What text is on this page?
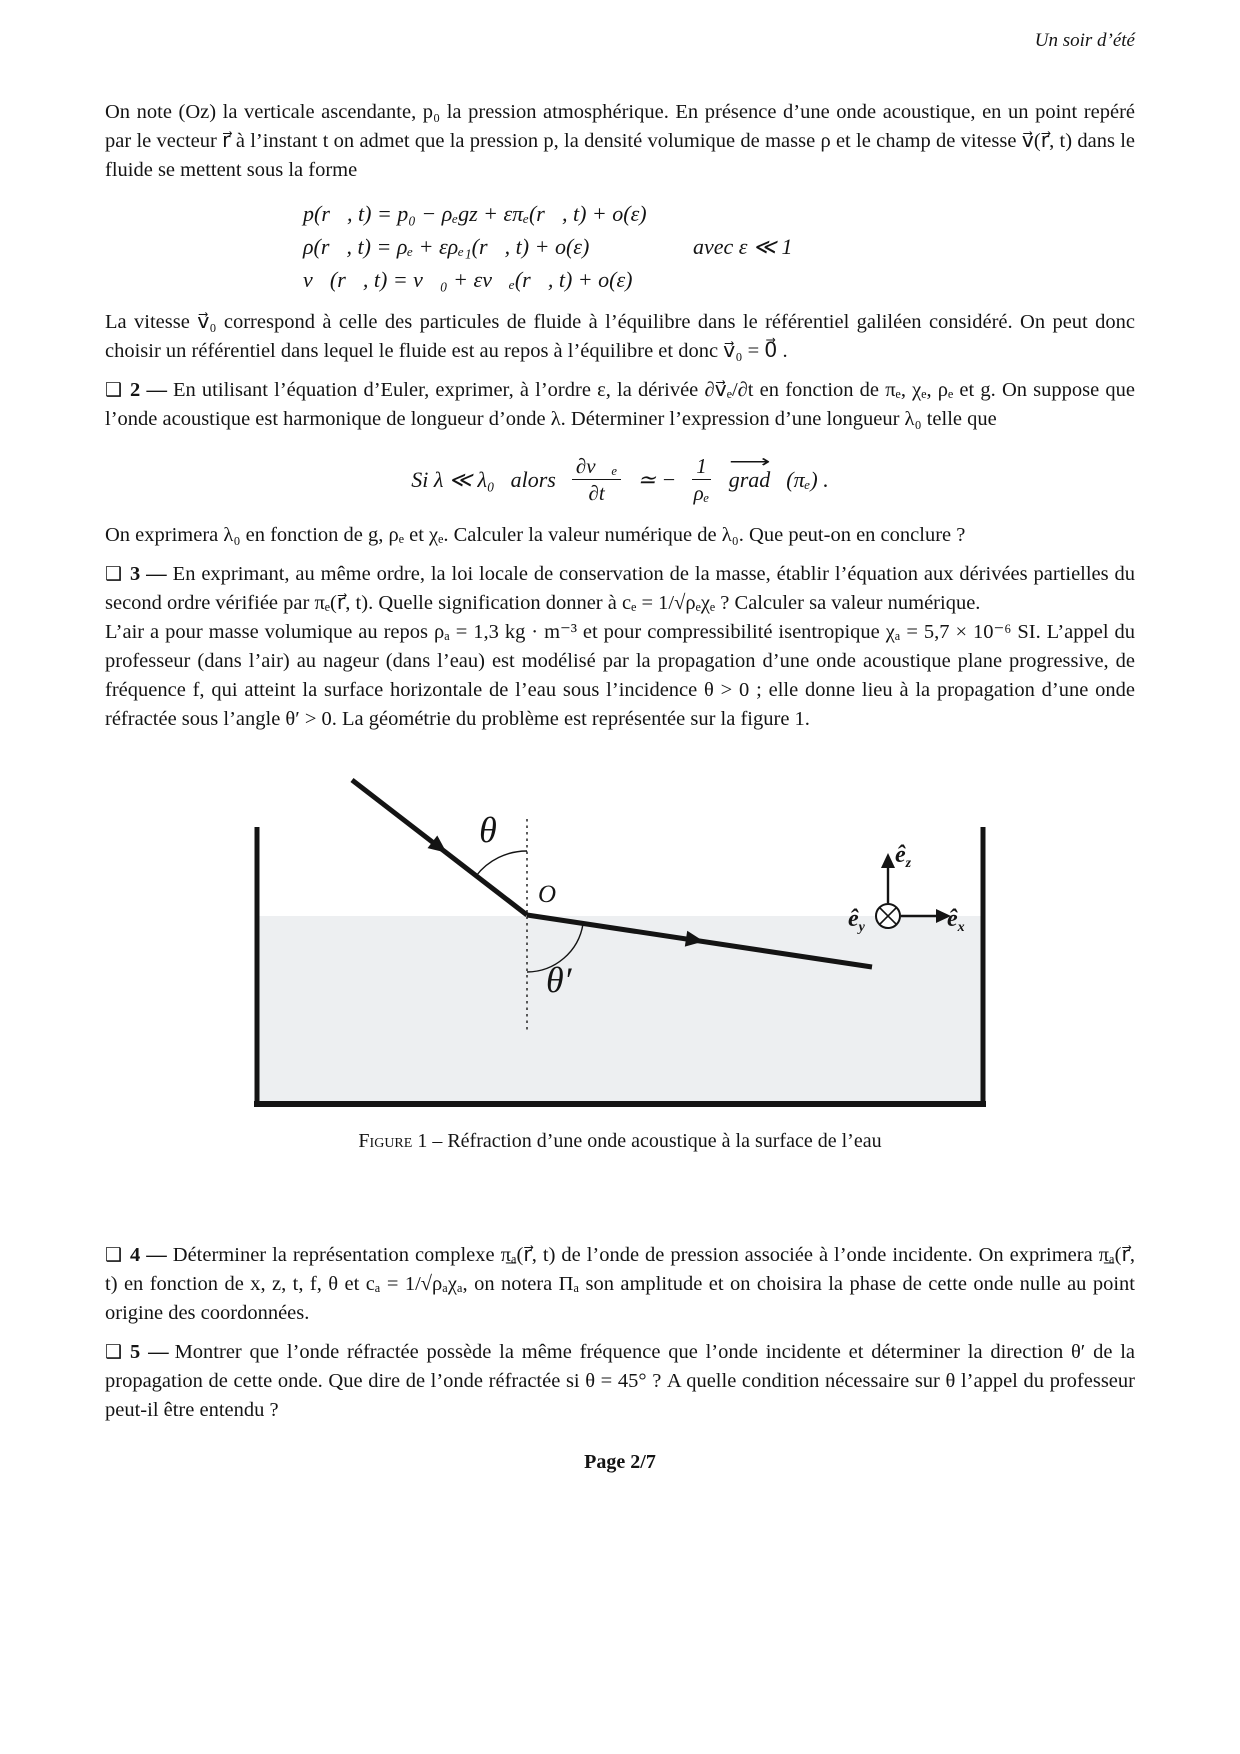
Un soir d’été

On note (Oz) la verticale ascendante, p₀ la pression atmosphérique. En présence d’une onde acoustique, en un point repéré par le vecteur r⃗ à l’instant t on admet que la pression p, la densité volumique de masse ρ et le champ de vitesse v⃗(r⃗, t) dans le fluide se mettent sous la forme

p(r⃗, t) = p₀ − ρₑgz + επₑ(r⃗, t) + o(ε)
ρ(r⃗, t) = ρₑ + ερₑ₁(r⃗, t) + o(ε)
v⃗(r⃗, t) = v⃗₀ + εv⃗ₑ(r⃗, t) + o(ε)
avec ε ≪ 1

La vitesse v⃗₀ correspond à celle des particules de fluide à l’équilibre dans le référentiel galiléen considéré. On peut donc choisir un référentiel dans lequel le fluide est au repos à l’équilibre et donc v⃗₀ = 0⃗ .

❑ 2 — En utilisant l’équation d’Euler, exprimer, à l’ordre ε, la dérivée ∂v⃗ₑ/∂t en fonction de πₑ, χₑ, ρₑ et g. On suppose que l’onde acoustique est harmonique de longueur d’onde λ. Déterminer l’expression d’une longueur λ₀ telle que

Si λ ≪ λ₀ alors $\frac{\text{∂v⃗ₑ}}{\partial t}$ ≃ − $\frac{1}{\text{ρₑ}}$	⟶
grad (πₑ) .

On exprimera λ₀ en fonction de g, ρₑ et χₑ. Calculer la valeur numérique de λ₀. Que peut-on en conclure ?

❑ 3 — En exprimant, au même ordre, la loi locale de conservation de la masse, établir l’équation aux dérivées partielles du second ordre vérifiée par πₑ(r⃗, t). Quelle signification donner à cₑ = 1/√ρₑχₑ ? Calculer sa valeur numérique.

L’air a pour masse volumique au repos ρₐ = 1,3 kg · m⁻³ et pour compressibilité isentropique χₐ = 5,7 × 10⁻⁶ SI. L’appel du professeur (dans l’air) au nageur (dans l’eau) est modélisé par la propagation d’une onde acoustique plane progressive, de fréquence f, qui atteint la surface horizontale de l’eau sous l’incidence θ > 0 ; elle donne lieu à la propagation d’une onde réfractée sous l’angle θ′ > 0. La géométrie du problème est représentée sur la figure 1.

θ
O
θ′
$ê_z$
$ê_x$
$ê_y$
Figure 1 – Réfraction d’une onde acoustique à la surface de l’eau

❑ 4 — Déterminer la représentation complexe π̲ₐ(r⃗, t) de l’onde de pression associée à l’onde incidente. On exprimera π̲ₐ(r⃗, t) en fonction de x, z, t, f, θ et cₐ = 1/√ρₐχₐ, on notera Πₐ son amplitude et on choisira la phase de cette onde nulle au point origine des coordonnées.

❑ 5 — Montrer que l’onde réfractée possède la même fréquence que l’onde incidente et déterminer la direction θ′ de la propagation de cette onde. Que dire de l’onde réfractée si θ = 45° ? A quelle condition nécessaire sur θ l’appel du professeur peut-il être entendu ?

Page 2/7
